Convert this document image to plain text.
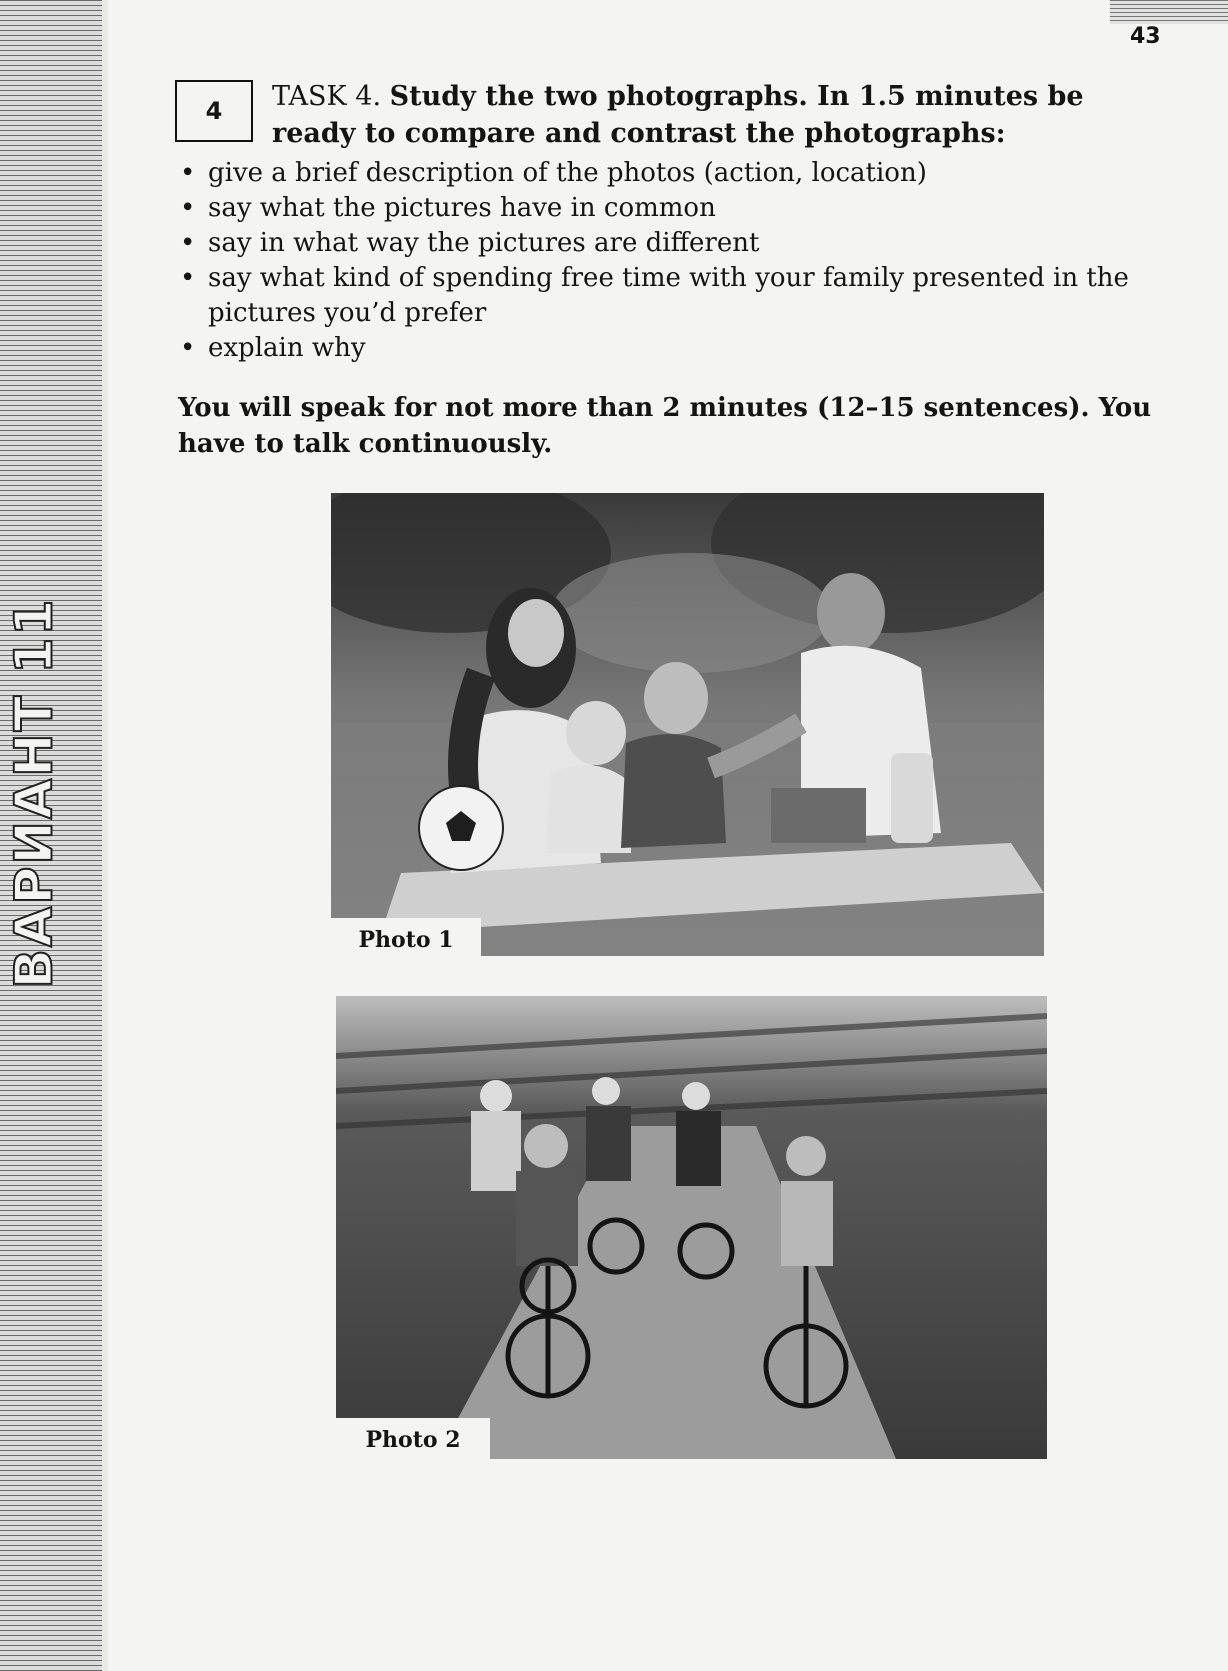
ВАРИАНТ 11
43
4	TASK 4. Study the two photographs. In 1.5 minutes be ready to compare and contrast the photographs:
• give a brief description of the photos (action, location)
• say what the pictures have in common
• say in what way the pictures are different
• say what kind of spending free time with your family presented in the pictures you’d prefer
• explain why
You will speak for not more than 2 minutes (12–15 sentences). You have to talk continuously.
Photo 1
Photo 2
